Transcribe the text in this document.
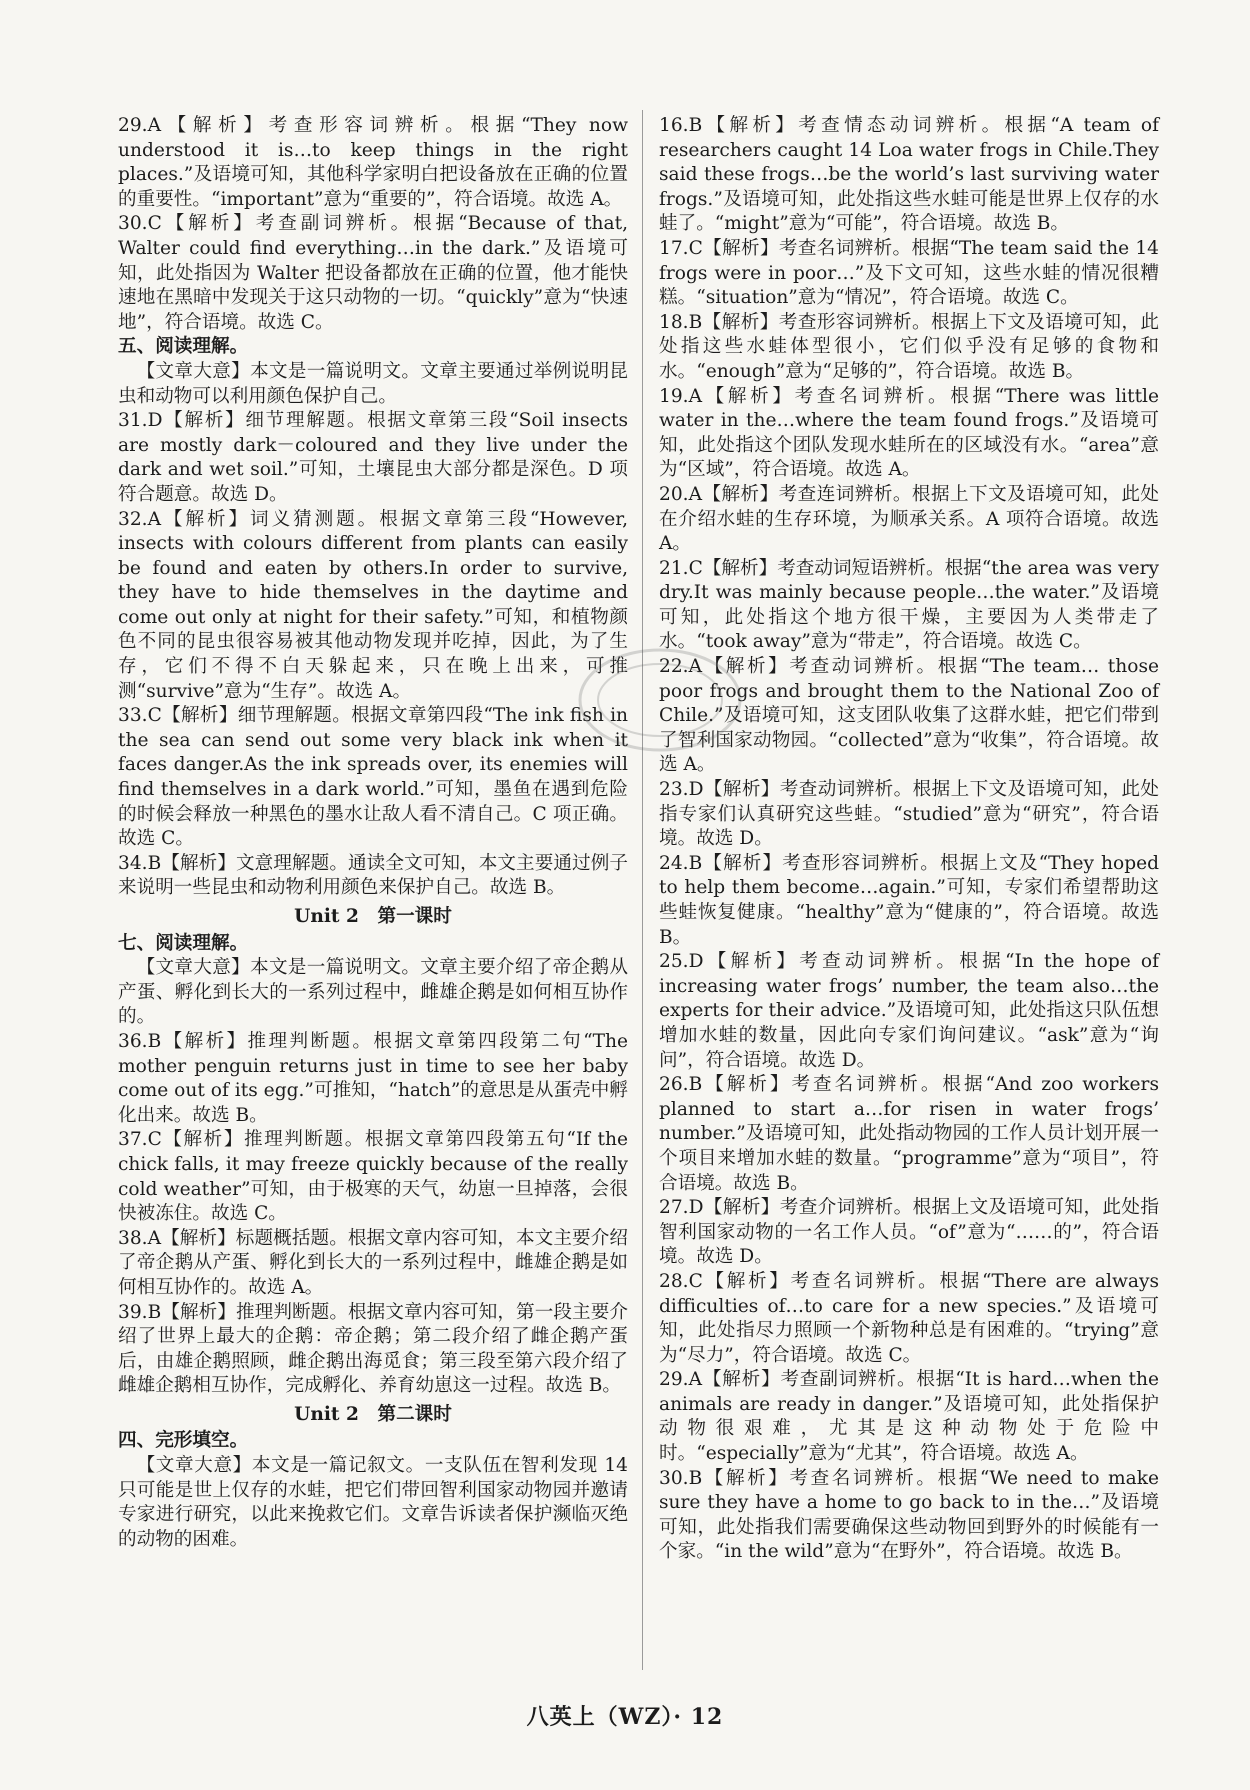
29.A【解析】考查形容词辨析。根据“They now understood it is…to keep things in the right places.”及语境可知，其他科学家明白把设备放在正确的位置的重要性。“important”意为“重要的”，符合语境。故选 A。

30.C【解析】考查副词辨析。根据“Because of that, Walter could find everything…in the dark.”及语境可知，此处指因为 Walter 把设备都放在正确的位置，他才能快速地在黑暗中发现关于这只动物的一切。“quickly”意为“快速地”，符合语境。故选 C。

五、阅读理解。

【文章大意】本文是一篇说明文。文章主要通过举例说明昆虫和动物可以利用颜色保护自己。

31.D【解析】细节理解题。根据文章第三段“Soil insects are mostly dark－coloured and they live under the dark and wet soil.”可知，土壤昆虫大部分都是深色。D 项符合题意。故选 D。

32.A【解析】词义猜测题。根据文章第三段“However, insects with colours different from plants can easily be found and eaten by others.In order to survive, they have to hide themselves in the daytime and come out only at night for their safety.”可知，和植物颜色不同的昆虫很容易被其他动物发现并吃掉，因此，为了生存，它们不得不白天躲起来，只在晚上出来，可推测“survive”意为“生存”。故选 A。

33.C【解析】细节理解题。根据文章第四段“The ink fish in the sea can send out some very black ink when it faces danger.As the ink spreads over, its enemies will find themselves in a dark world.”可知，墨鱼在遇到危险的时候会释放一种黑色的墨水让敌人看不清自己。C 项正确。故选 C。

34.B【解析】文意理解题。通读全文可知，本文主要通过例子来说明一些昆虫和动物利用颜色来保护自己。故选 B。

Unit 2　第一课时

七、阅读理解。

【文章大意】本文是一篇说明文。文章主要介绍了帝企鹅从产蛋、孵化到长大的一系列过程中，雌雄企鹅是如何相互协作的。

36.B【解析】推理判断题。根据文章第四段第二句“The mother penguin returns just in time to see her baby come out of its egg.”可推知，“hatch”的意思是从蛋壳中孵化出来。故选 B。

37.C【解析】推理判断题。根据文章第四段第五句“If the chick falls, it may freeze quickly because of the really cold weather”可知，由于极寒的天气，幼崽一旦掉落，会很快被冻住。故选 C。

38.A【解析】标题概括题。根据文章内容可知，本文主要介绍了帝企鹅从产蛋、孵化到长大的一系列过程中，雌雄企鹅是如何相互协作的。故选 A。

39.B【解析】推理判断题。根据文章内容可知，第一段主要介绍了世界上最大的企鹅：帝企鹅；第二段介绍了雌企鹅产蛋后，由雄企鹅照顾，雌企鹅出海觅食；第三段至第六段介绍了雌雄企鹅相互协作，完成孵化、养育幼崽这一过程。故选 B。

Unit 2　第二课时

四、完形填空。

【文章大意】本文是一篇记叙文。一支队伍在智利发现 14 只可能是世上仅存的水蛙，把它们带回智利国家动物园并邀请专家进行研究，以此来挽救它们。文章告诉读者保护濒临灭绝的动物的困难。

16.B【解析】考查情态动词辨析。根据“A team of researchers caught 14 Loa water frogs in Chile.They said these frogs…be the world’s last surviving water frogs.”及语境可知，此处指这些水蛙可能是世界上仅存的水蛙了。“might”意为“可能”，符合语境。故选 B。

17.C【解析】考查名词辨析。根据“The team said the 14 frogs were in poor…”及下文可知，这些水蛙的情况很糟糕。“situation”意为“情况”，符合语境。故选 C。

18.B【解析】考查形容词辨析。根据上下文及语境可知，此处指这些水蛙体型很小，它们似乎没有足够的食物和水。“enough”意为“足够的”，符合语境。故选 B。

19.A【解析】考查名词辨析。根据“There was little water in the…where the team found frogs.”及语境可知，此处指这个团队发现水蛙所在的区域没有水。“area”意为“区域”，符合语境。故选 A。

20.A【解析】考查连词辨析。根据上下文及语境可知，此处在介绍水蛙的生存环境，为顺承关系。A 项符合语境。故选 A。

21.C【解析】考查动词短语辨析。根据“the area was very dry.It was mainly because people…the water.”及语境可知，此处指这个地方很干燥，主要因为人类带走了水。“took away”意为“带走”，符合语境。故选 C。

22.A【解析】考查动词辨析。根据“The team… those poor frogs and brought them to the National Zoo of Chile.”及语境可知，这支团队收集了这群水蛙，把它们带到了智利国家动物园。“collected”意为“收集”，符合语境。故选 A。

23.D【解析】考查动词辨析。根据上下文及语境可知，此处指专家们认真研究这些蛙。“studied”意为“研究”，符合语境。故选 D。

24.B【解析】考查形容词辨析。根据上文及“They hoped to help them become…again.”可知，专家们希望帮助这些蛙恢复健康。“healthy”意为“健康的”，符合语境。故选 B。

25.D【解析】考查动词辨析。根据“In the hope of increasing water frogs’ number, the team also…the experts for their advice.”及语境可知，此处指这只队伍想增加水蛙的数量，因此向专家们询问建议。“ask”意为“询问”，符合语境。故选 D。

26.B【解析】考查名词辨析。根据“And zoo workers planned to start a…for risen in water frogs’ number.”及语境可知，此处指动物园的工作人员计划开展一个项目来增加水蛙的数量。“programme”意为“项目”，符合语境。故选 B。

27.D【解析】考查介词辨析。根据上文及语境可知，此处指智利国家动物的一名工作人员。“of”意为“……的”，符合语境。故选 D。

28.C【解析】考查名词辨析。根据“There are always difficulties of…to care for a new species.”及语境可知，此处指尽力照顾一个新物种总是有困难的。“trying”意为“尽力”，符合语境。故选 C。

29.A【解析】考查副词辨析。根据“It is hard…when the animals are ready in danger.”及语境可知，此处指保护动物很艰难，尤其是这种动物处于危险中时。“especially”意为“尤其”，符合语境。故选 A。

30.B【解析】考查名词辨析。根据“We need to make sure they have a home to go back to in the…”及语境可知，此处指我们需要确保这些动物回到野外的时候能有一个家。“in the wild”意为“在野外”，符合语境。故选 B。

八英上（WZ）· 12
